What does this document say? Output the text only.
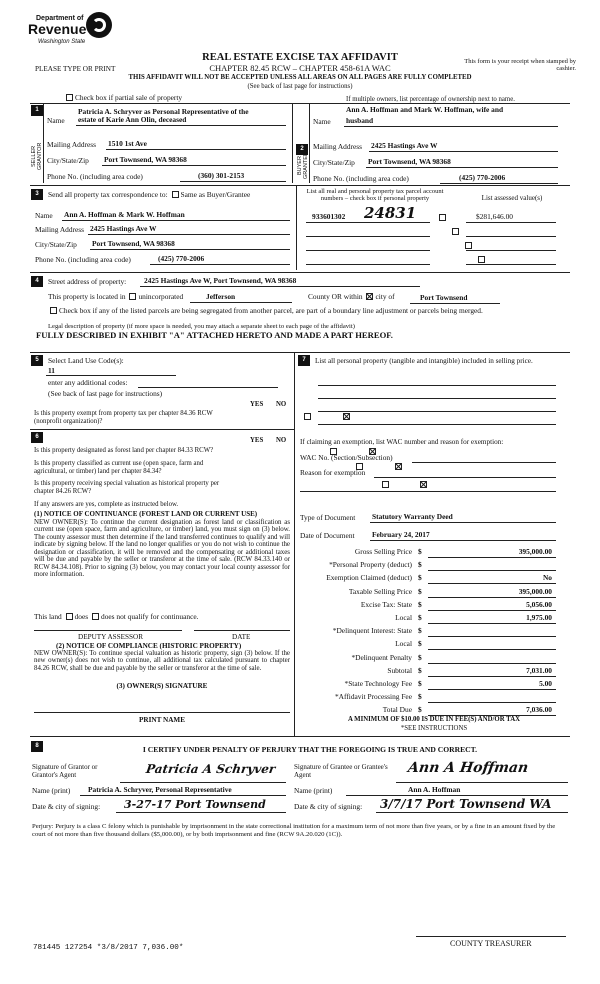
Department of
Revenue
Washington State
REAL ESTATE EXCISE TAX AFFIDAVIT
PLEASE TYPE OR PRINT	CHAPTER 82.45 RCW – CHAPTER 458-61A WAC
This form is your receipt when stamped by cashier.
THIS AFFIDAVIT WILL NOT BE ACCEPTED UNLESS ALL AREAS ON ALL PAGES ARE FULLY COMPLETED
(See back of last page for instructions)
Check box if partial sale of property	If multiple owners, list percentage of ownership next to name.
1
SELLER GRANTOR
Patricia A. Schryver as Personal Representative of the
Name estate of Karie Ann Olin, deceased
Mailing Address 1510 1st Ave
City/State/Zip Port Townsend, WA 98368
Phone No. (including area code)	(360) 301-2153
2
BUYER GRANTEE
Ann A. Hoffman and Mark W. Hoffman, wife and
Name husband
Mailing Address 2425 Hastings Ave W
City/State/Zip Port Townsend, WA 98368
Phone No. (including area code)	(425) 770-2006
3	Send all property tax correspondence to: Same as Buyer/Grantee
Name Ann A. Hoffman & Mark W. Hoffman
Mailing Address 2425 Hastings Ave W
City/State/Zip Port Townsend, WA 98368
Phone No. (including area code)	(425) 770-2006
List all real and personal property tax parcel account numbers – check box if personal property	List assessed value(s)
933601302 24831	$281,646.00

4	Street address of property: 2425 Hastings Ave W, Port Townsend, WA 98368
This property is located in unincorporated	Jefferson	County OR within city of	Port Townsend
Check box if any of the listed parcels are being segregated from another parcel, are part of a boundary line adjustment or parcels being merged.
Legal description of property (if more space is needed, you may attach a separate sheet to each page of the affidavit)
FULLY DESCRIBED IN EXHIBIT "A" ATTACHED HERETO AND MADE A PART HEREOF.
5	Select Land Use Code(s):
11
enter any additional codes:
(See back of last page for instructions)
YES NO
Is this property exempt from property tax per chapter 84.36 RCW (nonprofit organization)?

6	YES NO
Is this property designated as forest land per chapter 84.33 RCW?

Is this property classified as current use (open space, farm and agricultural, or timber) land per chapter 84.34?

Is this property receiving special valuation as historical property per chapter 84.26 RCW?

If any answers are yes, complete as instructed below.
(1) NOTICE OF CONTINUANCE (FOREST LAND OR CURRENT USE)
NEW OWNER(S): To continue the current designation as forest land or classification as current use (open space, farm and agriculture, or timber) land, you must sign on (3) below. The county assessor must then determine if the land transferred continues to qualify and will indicate by signing below. If the land no longer qualifies or you do not wish to continue the designation or classification, it will be removed and the compensating or additional taxes will be due and payable by the seller or transferor at the time of sale. (RCW 84.33.140 or RCW 84.34.108). Prior to signing (3) below, you may contact your local county assessor for more information.
This land does does not qualify for continuance.
DEPUTY ASSESSOR	DATE
(2) NOTICE OF COMPLIANCE (HISTORIC PROPERTY)
NEW OWNER(S): To continue special valuation as historic property, sign (3) below. If the new owner(s) does not wish to continue, all additional tax calculated pursuant to chapter 84.26 RCW, shall be due and payable by the seller or transferor at the time of sale.
(3) OWNER(S) SIGNATURE
PRINT NAME
7	List all personal property (tangible and intangible) included in selling price.
If claiming an exemption, list WAC number and reason for exemption:
WAC No. (Section/Subsection)
Reason for exemption
Type of Document Statutory Warranty Deed
Date of Document February 24, 2017
Gross Selling Price $	395,000.00
*Personal Property (deduct) $
Exemption Claimed (deduct) $	No
Taxable Selling Price $	395,000.00
Excise Tax: State $	5,056.00
Local $	1,975.00
*Delinquent Interest: State $
Local $
*Delinquent Penalty $
Subtotal $	7,031.00
*State Technology Fee $	5.00
*Affidavit Processing Fee $
Total Due $	7,036.00
A MINIMUM OF $10.00 IS DUE IN FEE(S) AND/OR TAX
*SEE INSTRUCTIONS
8	I CERTIFY UNDER PENALTY OF PERJURY THAT THE FOREGOING IS TRUE AND CORRECT.
Signature of Grantor or Grantor's Agent	Patricia A Schryver	Signature of Grantee or Grantee's Agent	Ann A Hoffman
Name (print) Patricia A. Schryver, Personal Representative	Name (print)	Ann A. Hoffman
Date & city of signing: 3-27-17 Port Townsend	Date & city of signing: 3/7/17 Port Townsend WA
Perjury: Perjury is a class C felony which is punishable by imprisonment in the state correctional institution for a maximum term of not more than five years, or by a fine in an amount fixed by the court of not more than five thousand dollars ($5,000.00), or by both imprisonment and fine (RCW 9A.20.020 (1C)).
781445 127254 *3/8/2017 7,036.00*	COUNTY TREASURER
